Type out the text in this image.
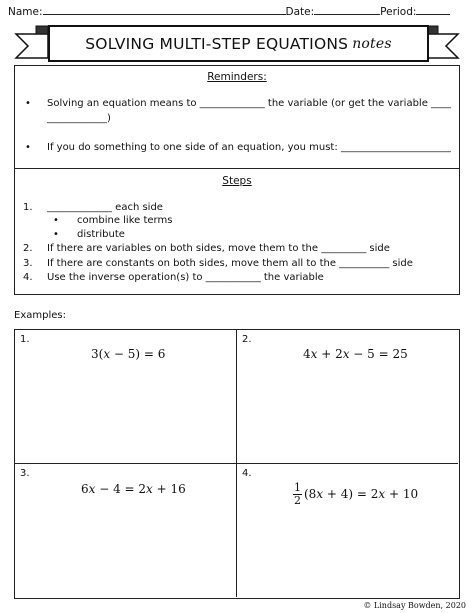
Name:	Date:	Period:
SOLVING MULTI-STEP EQUATIONS notes
Reminders:
• Solving an equation means to _____________ the variable (or get the variable ____
____________)
• If you do something to one side of an equation, you must: ______________________
Steps
1. _____________ each side
• combine like terms
• distribute
2. If there are variables on both sides, move them to the _________ side
3. If there are constants on both sides, move them all to the __________ side
4. Use the inverse operation(s) to ___________ the variable
Examples:
1.
3(𝑥 − 5) = 6
2.
4𝑥 + 2𝑥 − 5 = 25
3.
6𝑥 − 4 = 2𝑥 + 16
4.
$\frac{1}{2}$ (8𝑥 + 4) = 2𝑥 + 10
© Lindsay Bowden, 2020
